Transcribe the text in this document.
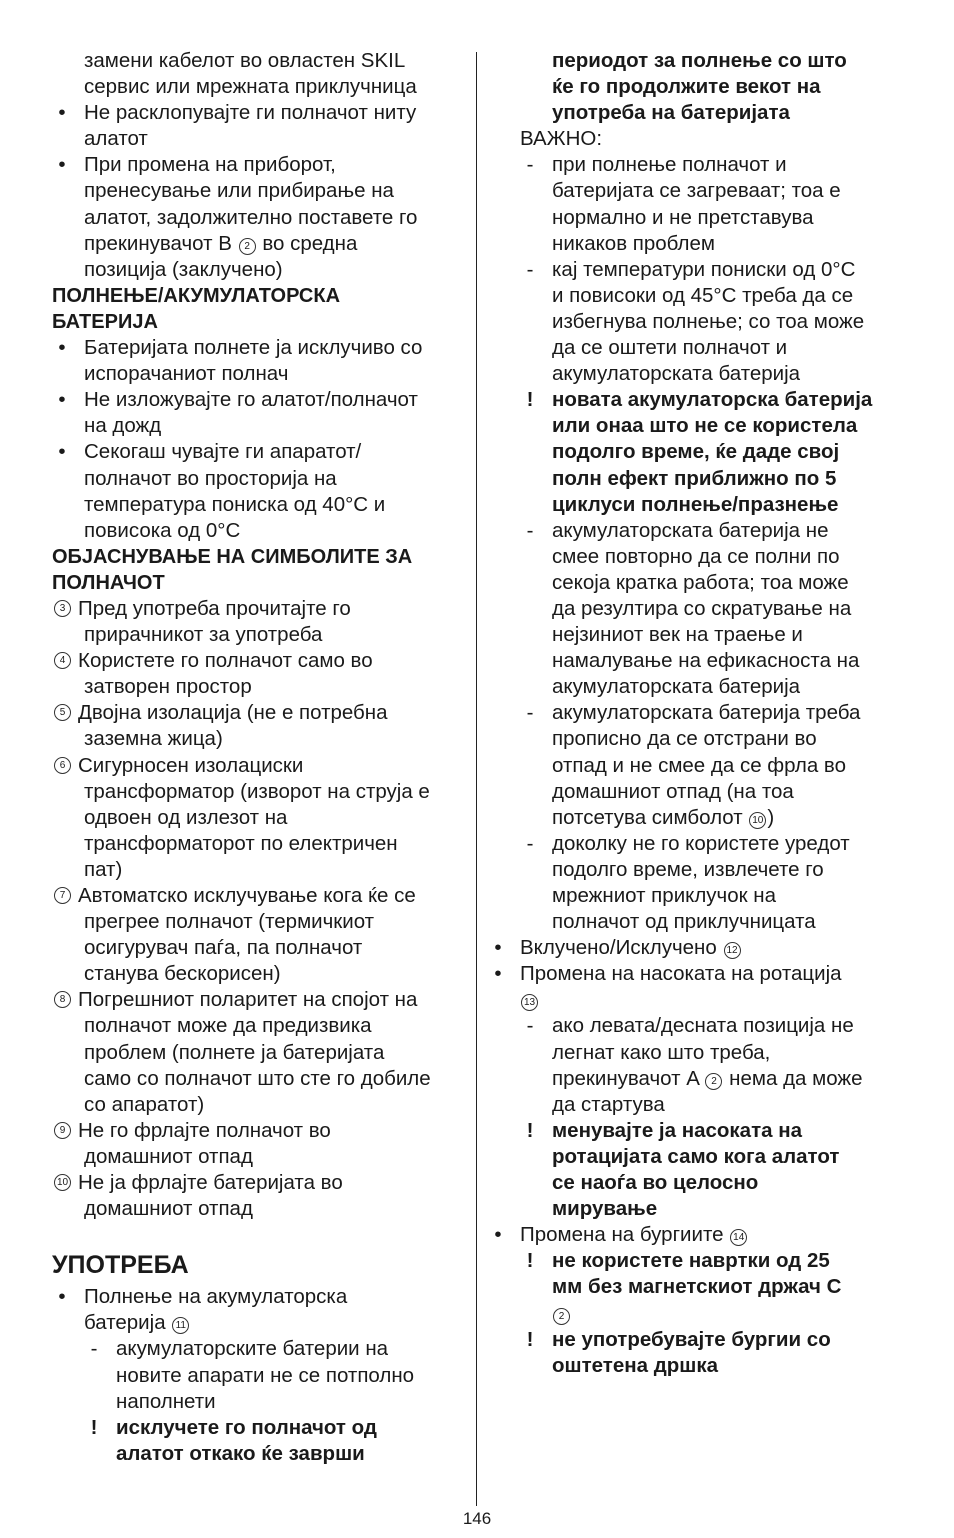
замени кабелот во овластен SKIL
сервис или мрежната приклучница
• Не расклопувајте ги полначот ниту
алатот
• При промена на приборот,
пренесување или прибирање на
алатот, задолжително поставете го
прекинувачот B 2 во средна
позиција (заклучено)
ПОЛНЕЊЕ/АКУМУЛАТОРСКА
БАТЕРИЈА
• Батеријата полнете ја исклучиво со
испорачаниот полнач
• Не изложувајте го алатот/полначот
на дожд
• Секогаш чувајте ги апаратот/
полначот во просторија на
температура пониска од 40°C и
повисока од 0°C
ОБЈАСНУВАЊЕ НА СИМБОЛИТЕ ЗА
ПОЛНАЧОТ
3 Пред употреба прочитајте го
прирачникот за употреба
4 Користете го полначот само во
затворен простор
5 Двојна изолација (не е потребна
заземна жица)
6 Сигурносен изолациски
трансформатор (изворот на струја е
одвоен од излезот на
трансформаторот по електричен
пат)
7 Автоматско исклучување кога ќе се
прегрее полначот (термичкиот
осигурувач паѓа, па полначот
станува бескорисен)
8 Погрешниот поларитет на спојот на
полначот може да предизвика
проблем (полнете ја батеријата
само со полначот што сте го добиле
со апаратот)
9 Не го фрлајте полначот во
домашниот отпад
10 Не ја фрлајте батеријата во
домашниот отпад
УПОТРЕБА
• Полнење на акумулаторска
батерија 11
- акумулаторските батерии на
новите апарати не се потполно
наполнети
! исклучете го полначот од
алатот откако ќе заврши
периодот за полнење со што
ќе го продолжите векот на
употреба на батеријата
ВАЖНО:
- при полнење полначот и
батеријата се загреваат; тоа е
нормално и не претставува
никаков проблем
- кај температури пониски од 0°C
и повисоки од 45°C треба да се
избегнува полнење; со тоа може
да се оштети полначот и
акумулаторската батерија
! новата акумулаторска батерија
или онаа што не се користела
подолго време, ќе даде свој
полн ефект приближно по 5
циклуси полнење/празнење
- акумулаторската батерија не
смее повторно да се полни по
секоја кратка работа; тоа може
да резултира со скратување на
нејзиниот век на траење и
намалување на ефикасноста на
акумулаторската батерија
- акумулаторската батерија треба
прописно да се отстрани во
отпад и не смее да се фрла во
домашниот отпад (на тоа
потсетува симболот 10 )
- доколку не го користете уредот
подолго време, извлечете го
мрежниот приклучок на
полначот од приклучницата
• Вклучено/Исклучено 12
• Промена на насоката на ротација
13
- ако левата/десната позиција не
легнат како што треба,
прекинувачот A 2 нема да може
да стартува
! менувајте ја насоката на
ротацијата само кога алатот
се наоѓа во целосно
мирување
• Промена на бургиите 14
! не користете навртки од 25
мм без магнетскиот држач C
2
! не употребувајте бургии со
оштетена дршка
146
